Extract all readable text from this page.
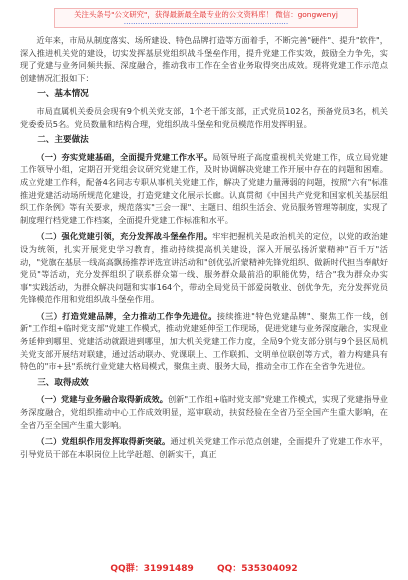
关注头条号"公文研究"，获得最新最全最专业的公文资料库！ 微信：gongwenyj
······································································

近年来，市局从制度落实、场所建设、特色品牌打造等方面着手，不断完善"硬件"、提升"软件"，深入推进机关党的建设，切实发挥基层党组织战斗堡垒作用，提升党建工作实效，鼓励全力争先，实现了党建与业务同频共振、深度融合，推动我市工作在全省业务取得突出成效。现将党建工作示范点创建情况汇报如下：

一、基本情况

市局直属机关委员会现有9个机关党支部，1个老干部支部，正式党员102名，预备党员3名，机关党委委员5名。党员数量和结构合理，党组织战斗堡垒和党员模范作用发挥明显。

二、主要做法

（一）夯实党建基础，全面提升党建工作水平。局领导班子高度重视机关党建工作，成立局党建工作领导小组，定期召开党组会议研究党建工作，及时协调解决党建工作开展中存在的问题和困难。成立党建工作科，配备4名同志专职从事机关党建工作，解决了党建力量薄弱的问题，按照"六有"标准推进党建活动场所规范化建设，打造党建文化展示长廊。认真贯彻《中国共产党党和国家机关基层组织工作条例》等有关要求，规范落实"三会一课"、主题日、组织生活会、党员服务管理等制度，实现了制度理行档党建工作档案，全面提升党建工作标准和水平。

（二）强化党建引领，充分发挥战斗堡垒作用。牢牢把握机关是政治机关的定位，以党的政治建设为统领，扎实开展党史学习教育，推动持续提高机关建设，深入开展弘扬沂蒙精神"百千万"活动，"党旗在基层一线高高飘扬推荐评选宣讲活动和"创优弘沂蒙精神先锋党组织、做新时代担当奉献好党员"等活动，充分发挥组织了联系群众第一线、服务群众最前沿的职能优势，结合"我为群众办实事"实践活动，为群众解决问题和实事164个，带动全局党员干部爱岗敬业、创优争先，充分发挥党员先锋模范作用和党组织战斗堡垒作用。

（三）打造党建品牌，全力推动工作争先进位。接续推进"特色党建品牌"、聚焦工作一线，创新"工作组+临时党支部"党建工作模式，推动党建延伸至工作现场，促进党建与业务深度融合，实现业务延伸到哪里、党建活动就跟进到哪里，加大机关党建工作力度，全局9个党支部分别与9个县区局机关党支部开展结对联建，通过活动联办、党课联上、工作联抓、文明单位联创等方式，着力构建具有特色的"市+县"系统行业党建大格局模式，聚焦主责、服务大局，推动全市工作在全省争先进位。

三、取得成效

（一）党建与业务融合取得新成效。创新"工作组+临时党支部"党建工作模式，实现了党建指导业务深度融合，党组织推动中心工作成效明显，巡审联动，扶贫经验在全省乃至全国产生重大影响，在全省乃至全国产生重大影响。

（二）党组织作用发挥取得新突破。通过机关党建工作示范点创建，全面提升了党建工作水平，引导党员干部在本职岗位上比学赶超、创新实干，真正

QQ群：31991489	QQ：535304092
